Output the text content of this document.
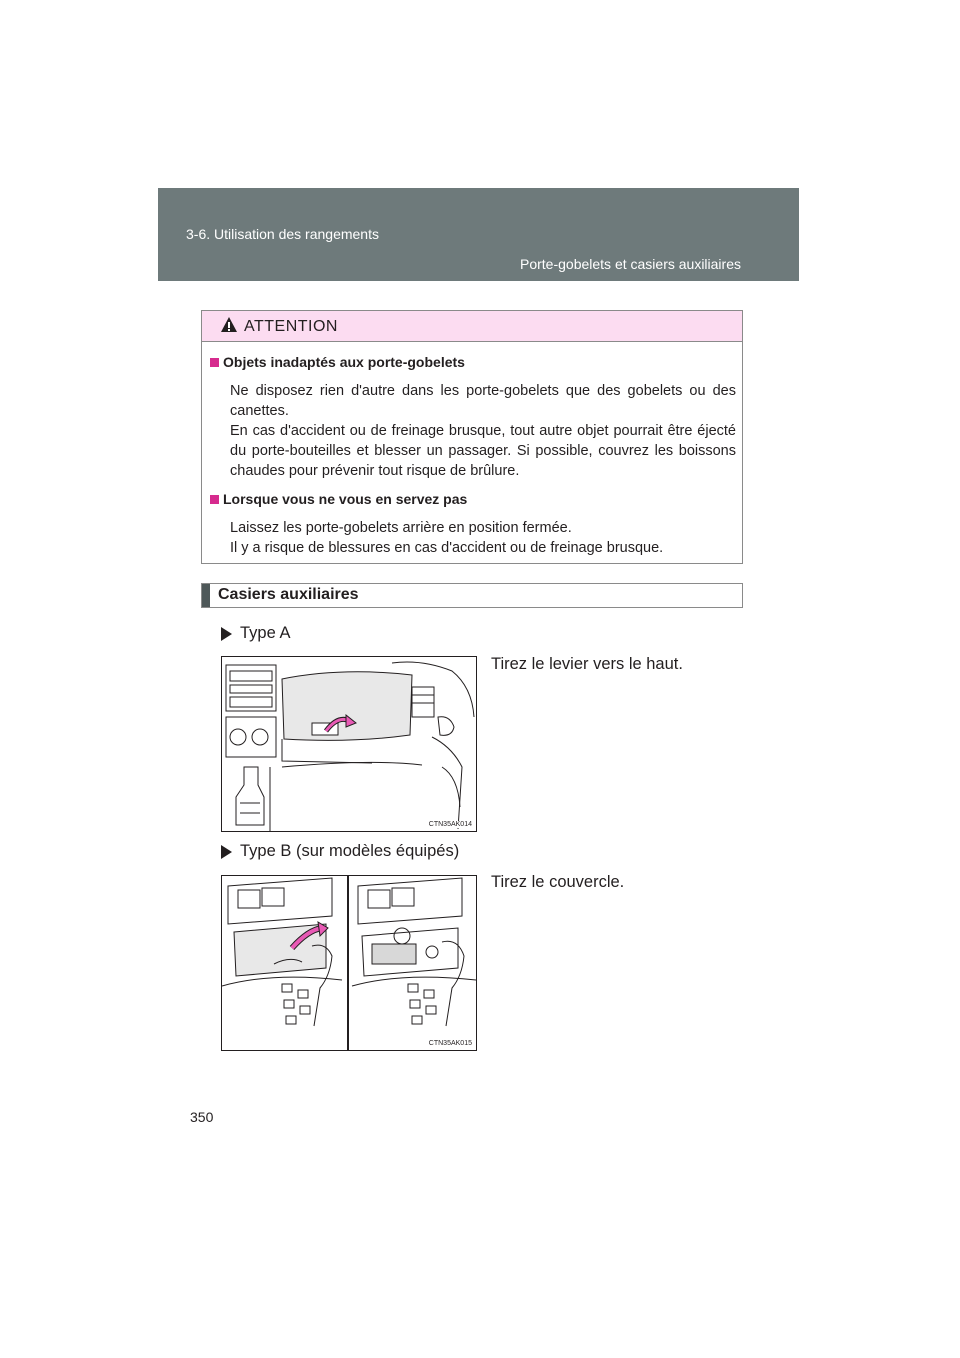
3-6. Utilisation des rangements
Porte-gobelets et casiers auxiliaires
ATTENTION
Objets inadaptés aux porte-gobelets

Ne disposez rien d'autre dans les porte-gobelets que des gobelets ou des canettes.

En cas d'accident ou de freinage brusque, tout autre objet pourrait être éjecté du porte-bouteilles et blesser un passager. Si possible, couvrez les boissons chaudes pour prévenir tout risque de brûlure.

Lorsque vous ne vous en servez pas

Laissez les porte-gobelets arrière en position fermée.

Il y a risque de blessures en cas d'accident ou de freinage brusque.

Casiers auxiliaires
Type A
Tirez le levier vers le haut.
CTN35AK014
Type B (sur modèles équipés)
Tirez le couvercle.
CTN35AK015
350
